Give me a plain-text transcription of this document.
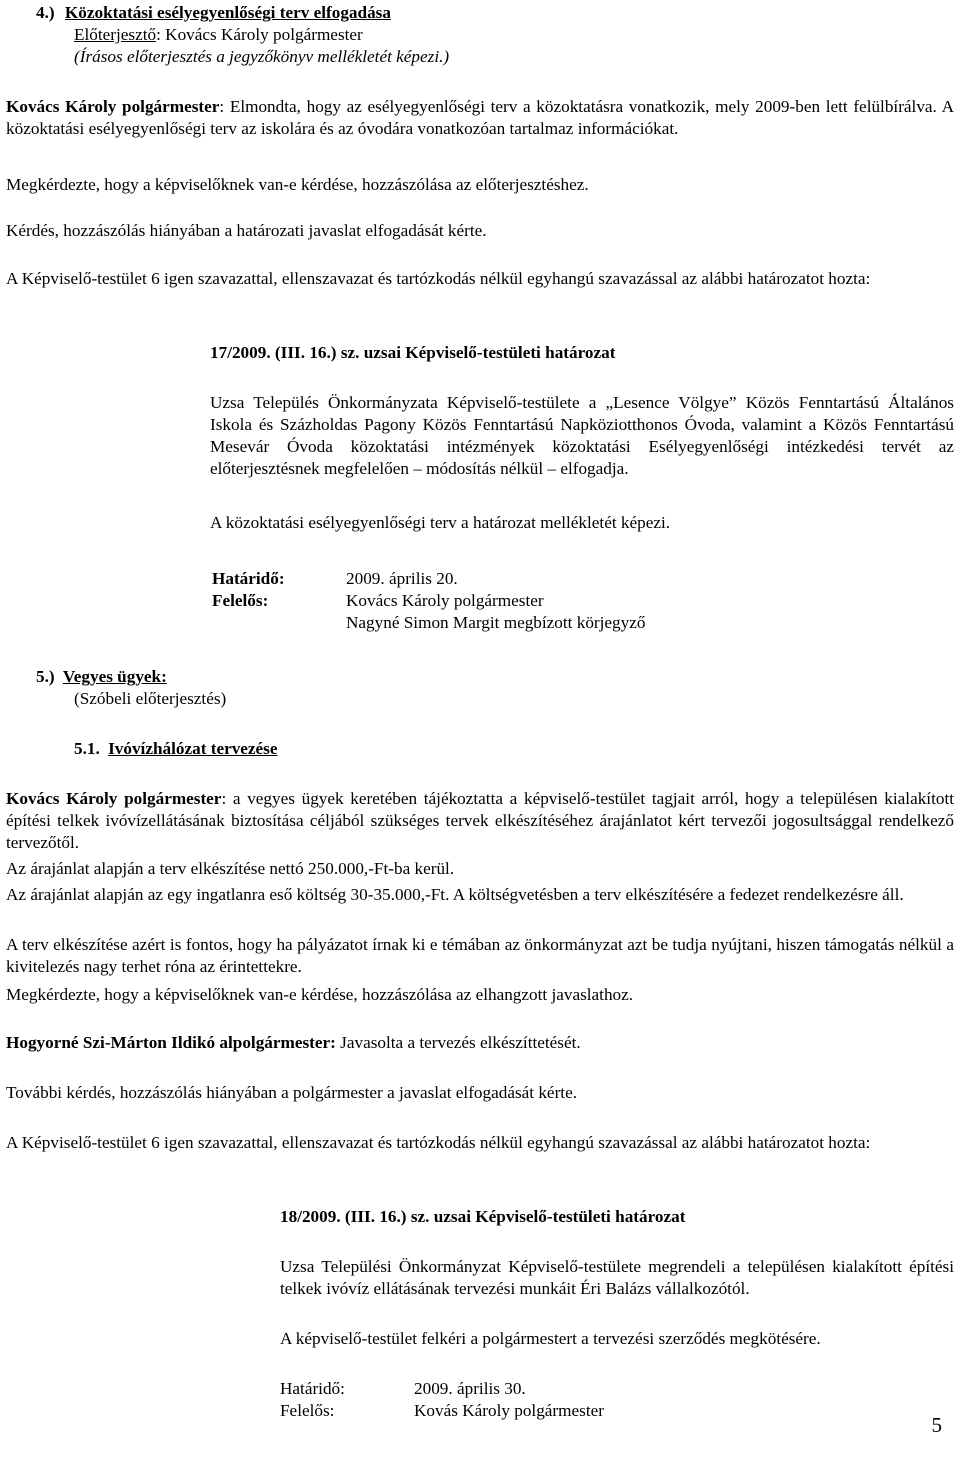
4.) Közoktatási esélyegyenlőségi terv elfogadása
Előterjesztő: Kovács Károly polgármester
(Írásos előterjesztés a jegyzőkönyv mellékletét képezi.)

Kovács Károly polgármester: Elmondta, hogy az esélyegyenlőségi terv a közoktatásra vonatkozik, mely 2009-ben lett felülbírálva. A közoktatási esélyegyenlőségi terv az iskolára és az óvodára vonatkozóan tartalmaz információkat.

Megkérdezte, hogy a képviselőknek van-e kérdése, hozzászólása az előterjesztéshez.

Kérdés, hozzászólás hiányában a határozati javaslat elfogadását kérte.

A Képviselő-testület 6 igen szavazattal, ellenszavazat és tartózkodás nélkül egyhangú szavazással az alábbi határozatot hozta:

17/2009. (III. 16.) sz. uzsai Képviselő-testületi határozat

Uzsa Település Önkormányzata Képviselő-testülete a „Lesence Völgye” Közös Fenntartású Általános Iskola és Százholdas Pagony Közös Fenntartású Napköziotthonos Óvoda, valamint a Közös Fenntartású Mesevár Óvoda közoktatási intézmények közoktatási Esélyegyenlőségi intézkedési tervét az előterjesztésnek megfelelően – módosítás nélkül – elfogadja.

A közoktatási esélyegyenlőségi terv a határozat mellékletét képezi.

Határidő:	2009. április 20.
Felelős:	Kovács Károly polgármester
Nagyné Simon Margit megbízott körjegyző
5.) Vegyes ügyek:
(Szóbeli előterjesztés)
5.1. Ivóvízhálózat tervezése

Kovács Károly polgármester: a vegyes ügyek keretében tájékoztatta a képviselő-testület tagjait arról, hogy a településen kialakított építési telkek ivóvízellátásának biztosítása céljából szükséges tervek elkészítéséhez árajánlatot kért tervezői jogosultsággal rendelkező tervezőtől.

Az árajánlat alapján a terv elkészítése nettó 250.000,-Ft-ba kerül.

Az árajánlat alapján az egy ingatlanra eső költség 30-35.000,-Ft. A költségvetésben a terv elkészítésére a fedezet rendelkezésre áll.

A terv elkészítése azért is fontos, hogy ha pályázatot írnak ki e témában az önkormányzat azt be tudja nyújtani, hiszen támogatás nélkül a kivitelezés nagy terhet róna az érintettekre.

Megkérdezte, hogy a képviselőknek van-e kérdése, hozzászólása az elhangzott javaslathoz.

Hogyorné Szi-Márton Ildikó alpolgármester: Javasolta a tervezés elkészíttetését.

További kérdés, hozzászólás hiányában a polgármester a javaslat elfogadását kérte.

A Képviselő-testület 6 igen szavazattal, ellenszavazat és tartózkodás nélkül egyhangú szavazással az alábbi határozatot hozta:

18/2009. (III. 16.) sz. uzsai Képviselő-testületi határozat

Uzsa Települési Önkormányzat Képviselő-testülete megrendeli a településen kialakított építési telkek ivóvíz ellátásának tervezési munkáit Éri Balázs vállalkozótól.

A képviselő-testület felkéri a polgármestert a tervezési szerződés megkötésére.

Határidő:	2009. április 30.
Felelős:	Kovás Károly polgármester
5
